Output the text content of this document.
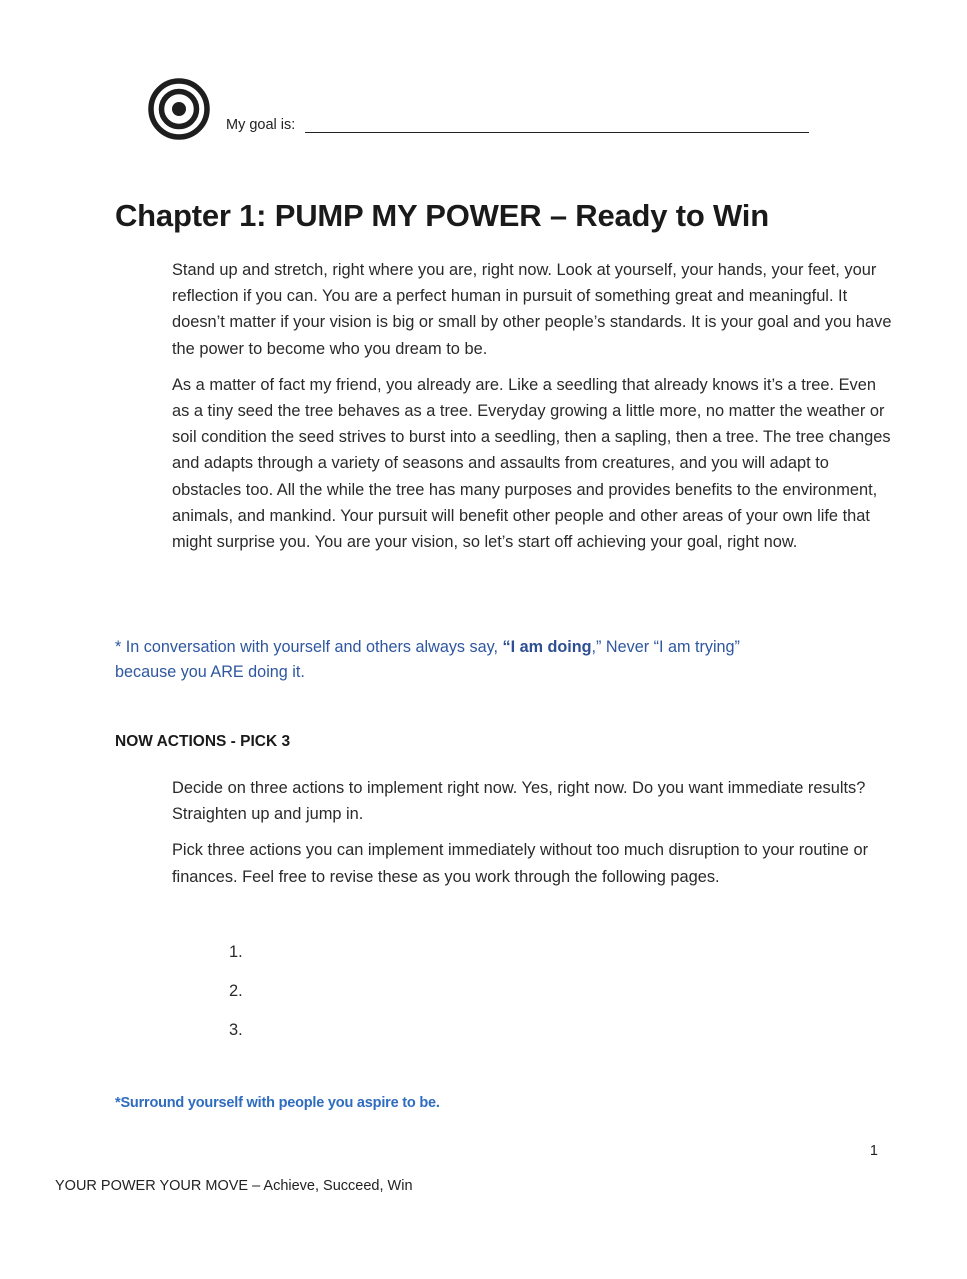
My goal is:
Chapter 1: PUMP MY POWER – Ready to Win

Stand up and stretch, right where you are, right now. Look at yourself, your hands, your feet, your reflection if you can. You are a perfect human in pursuit of something great and meaningful. It doesn’t matter if your vision is big or small by other people’s standards. It is your goal and you have the power to become who you dream to be.

As a matter of fact my friend, you already are. Like a seedling that already knows it’s a tree. Even as a tiny seed the tree behaves as a tree. Everyday growing a little more, no matter the weather or soil condition the seed strives to burst into a seedling, then a sapling, then a tree. The tree changes and adapts through a variety of seasons and assaults from creatures, and you will adapt to obstacles too. All the while the tree has many purposes and provides benefits to the environment, animals, and mankind. Your pursuit will benefit other people and other areas of your own life that might surprise you. You are your vision, so let’s start off achieving your goal, right now.

* In conversation with yourself and others always say, “I am doing,” Never “I am trying”
because you ARE doing it.
NOW ACTIONS - PICK 3

Decide on three actions to implement right now. Yes, right now. Do you want immediate results? Straighten up and jump in.

Pick three actions you can implement immediately without too much disruption to your routine or finances. Feel free to revise these as you work through the following pages.

1.
2.
3.
*Surround yourself with people you aspire to be.
1
YOUR POWER YOUR MOVE – Achieve, Succeed, Win
